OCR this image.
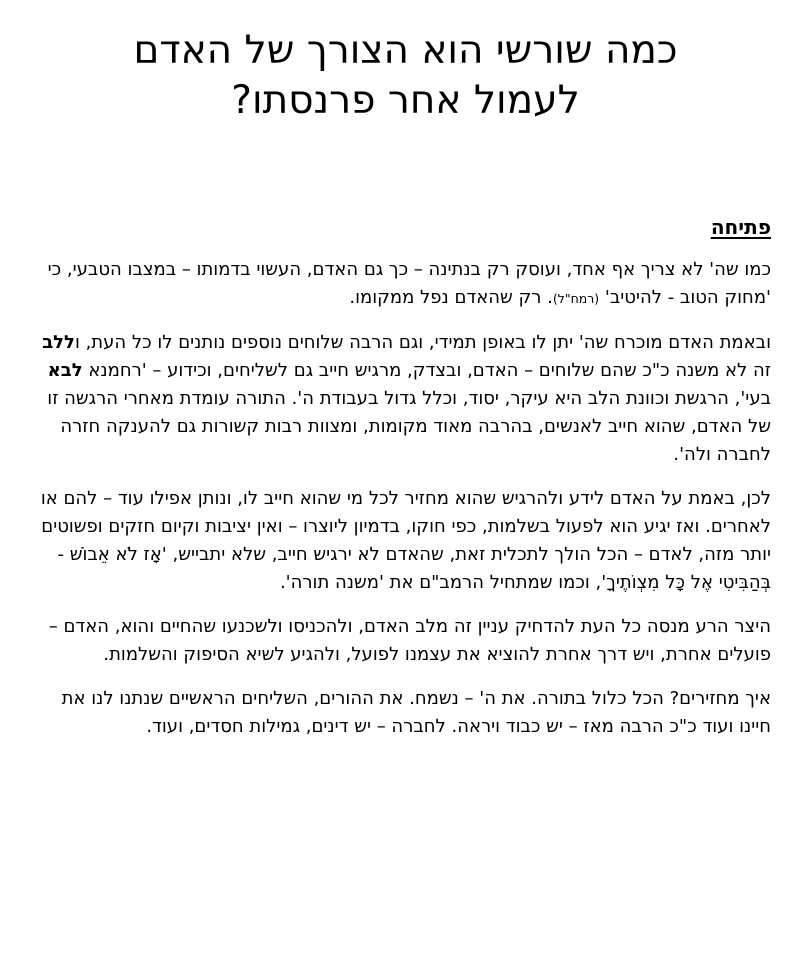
כמה שורשי הוא הצורך של האדם לעמול אחר פרנסתו?
פתיחה

כמו שה' לא צריך אף אחד, ועוסק רק בנתינה – כך גם האדם, העשוי בדמותו – במצבו הטבעי, כי 'מחוק הטוב - להיטיב' (רמח"ל). רק שהאדם נפל ממקומו.

ובאמת האדם מוכרח שה' יתן לו באופן תמידי, וגם הרבה שלוחים נוספים נותנים לו כל העת, וללב זה לא משנה כ"כ שהם שלוחים – האדם, ובצדק, מרגיש חייב גם לשליחים, וכידוע – 'רחמנא לבא בעי', הרגשת וכוונת הלב היא עיקר, יסוד, וכלל גדול בעבודת ה'. התורה עומדת מאחרי הרגשה זו של האדם, שהוא חייב לאנשים, בהרבה מאוד מקומות, ומצוות רבות קשורות גם להענקה חזרה לחברה ולה'.

לכן, באמת על האדם לידע ולהרגיש שהוא מחזיר לכל מי שהוא חייב לו, ונותן אפילו עוד – להם או לאחרים. ואז יגיע הוא לפעול בשלמות, כפי חוקו, בדמיון ליוצרו – ואין יציבות וקיום חזקים ופשוטים יותר מזה, לאדם – הכל הולך לתכלית זאת, שהאדם לא ירגיש חייב, שלא יתבייש, 'אָז לֹא אֵבוֹשׁ - בְּהַבִּיטִי אֶל כָּל מִצְוֹתֶיךָ', וכמו שמתחיל הרמב"ם את 'משנה תורה'.

היצר הרע מנסה כל העת להדחיק עניין זה מלב האדם, ולהכניסו ולשכנעו שהחיים והוא, האדם – פועלים אחרת, ויש דרך אחרת להוציא את עצמנו לפועל, ולהגיע לשיא הסיפוק והשלמות.

איך מחזירים? הכל כלול בתורה. את ה' – נשמח. את ההורים, השליחים הראשיים שנתנו לנו את חיינו ועוד כ"כ הרבה מאז – יש כבוד ויראה. לחברה – יש דינים, גמילות חסדים, ועוד.
